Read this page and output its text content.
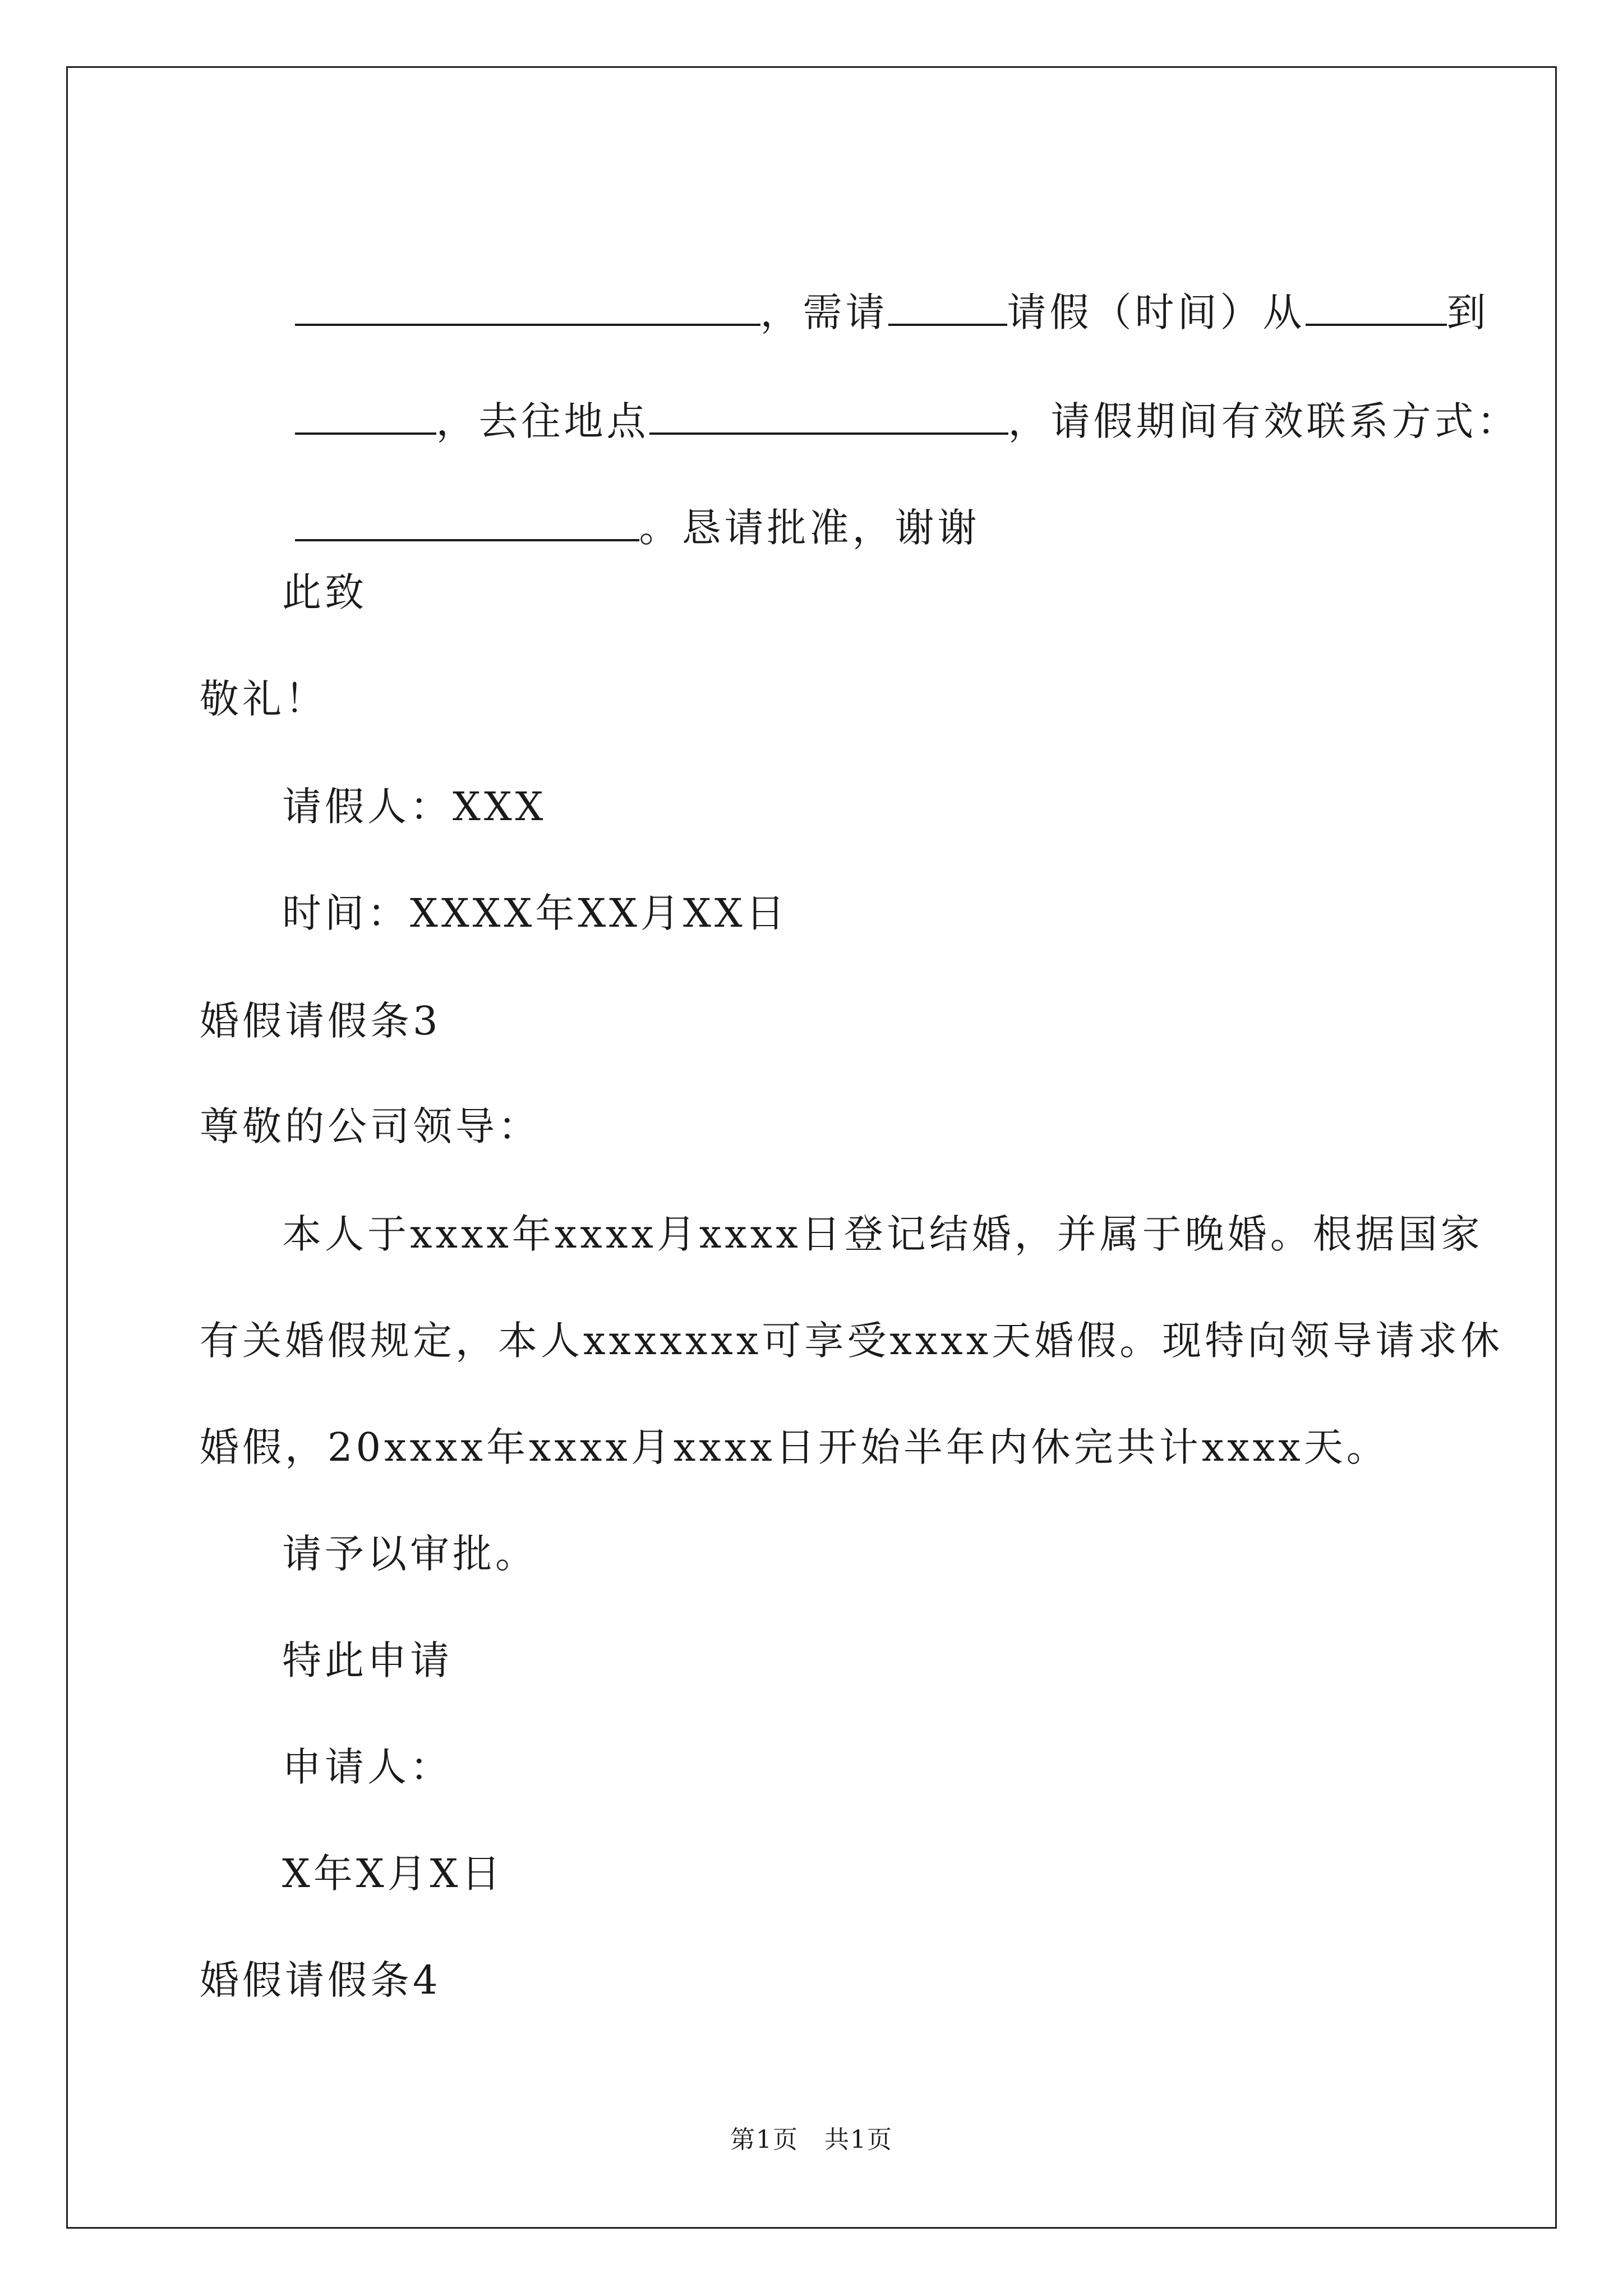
，需请	请假（时间）从	到

，去往地点	，请假期间有效联系方式：

。恳请批准，谢谢

此致
敬礼！
请假人：XXX
时间：XXXX年XX月XX日
婚假请假条3
尊敬的公司领导：
本人于xxxx年xxxx月xxxx日登记结婚，并属于晚婚。根据国家
有关婚假规定，本人xxxxxxx可享受xxxx天婚假。现特向领导请求休
婚假，20xxxx年xxxx月xxxx日开始半年内休完共计xxxx天。
请予以审批。
特此申请
申请人：
X年X月X日
婚假请假条4
第1页　共1页
